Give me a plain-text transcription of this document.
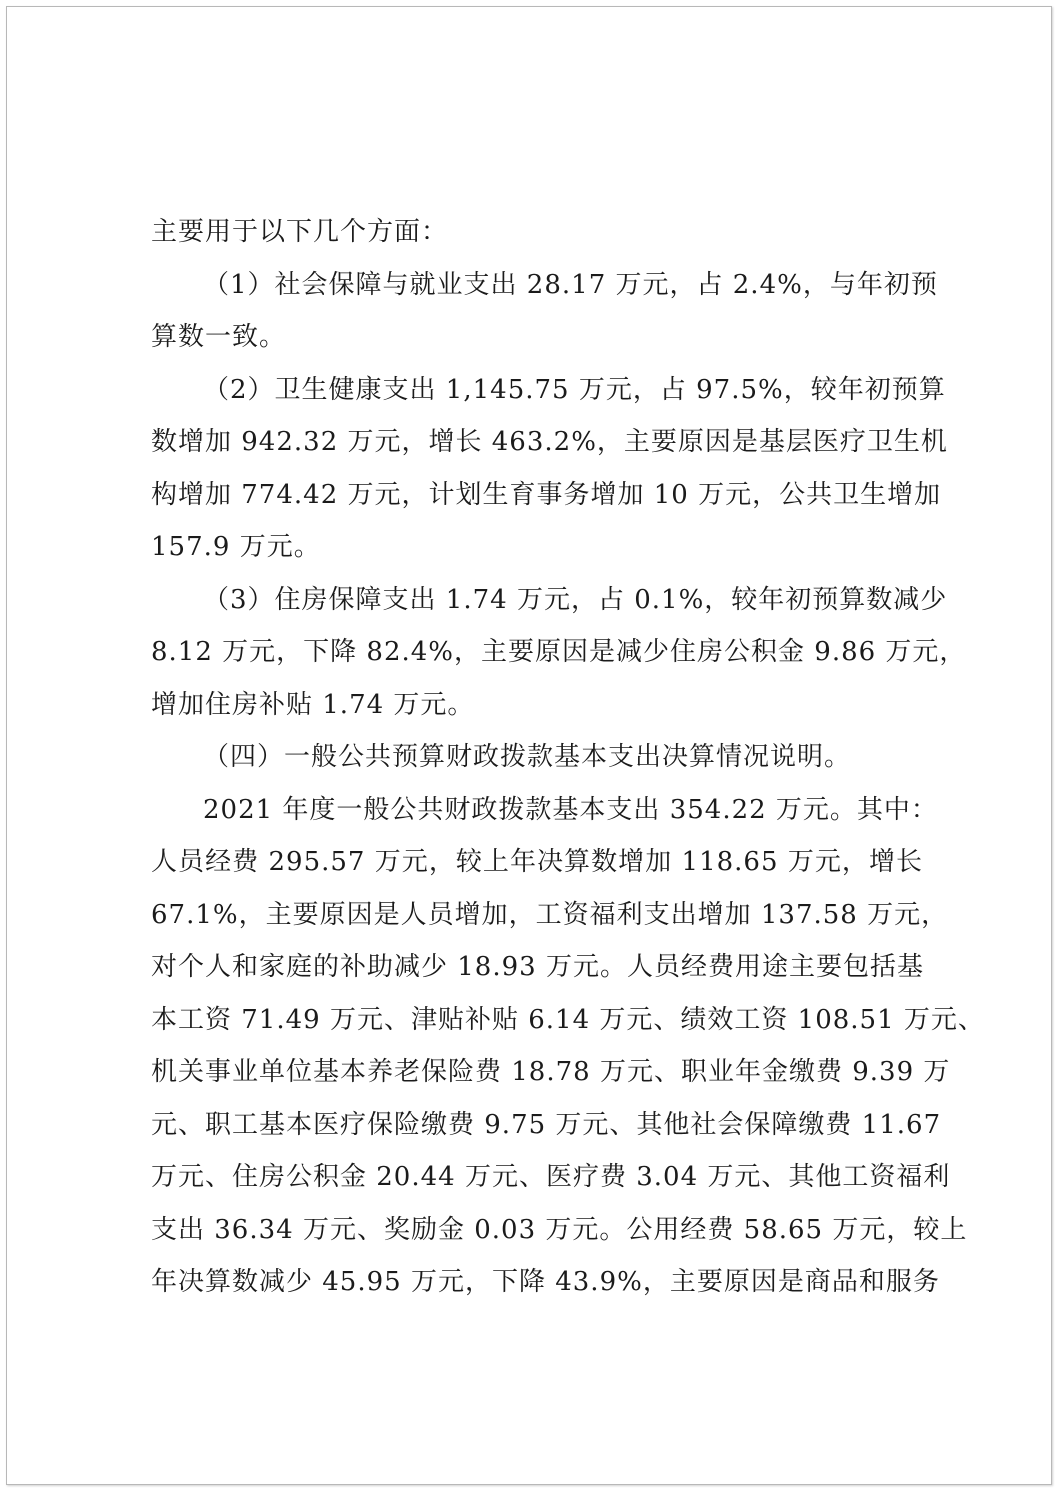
主要用于以下几个方面：
（1）社会保障与就业支出 28.17 万元，占 2.4%，与年初预
算数一致。
（2）卫生健康支出 1,145.75 万元，占 97.5%，较年初预算
数增加 942.32 万元，增长 463.2%，主要原因是基层医疗卫生机
构增加 774.42 万元，计划生育事务增加 10 万元，公共卫生增加
157.9 万元。
（3）住房保障支出 1.74 万元，占 0.1%，较年初预算数减少
8.12 万元，下降 82.4%，主要原因是减少住房公积金 9.86 万元，
增加住房补贴 1.74 万元。
（四）一般公共预算财政拨款基本支出决算情况说明。
2021 年度一般公共财政拨款基本支出 354.22 万元。其中：
人员经费 295.57 万元，较上年决算数增加 118.65 万元，增长
67.1%，主要原因是人员增加，工资福利支出增加 137.58 万元，
对个人和家庭的补助减少 18.93 万元。人员经费用途主要包括基
本工资 71.49 万元、津贴补贴 6.14 万元、绩效工资 108.51 万元、
机关事业单位基本养老保险费 18.78 万元、职业年金缴费 9.39 万
元、职工基本医疗保险缴费 9.75 万元、其他社会保障缴费 11.67
万元、住房公积金 20.44 万元、医疗费 3.04 万元、其他工资福利
支出 36.34 万元、奖励金 0.03 万元。公用经费 58.65 万元，较上
年决算数减少 45.95 万元，下降 43.9%，主要原因是商品和服务
